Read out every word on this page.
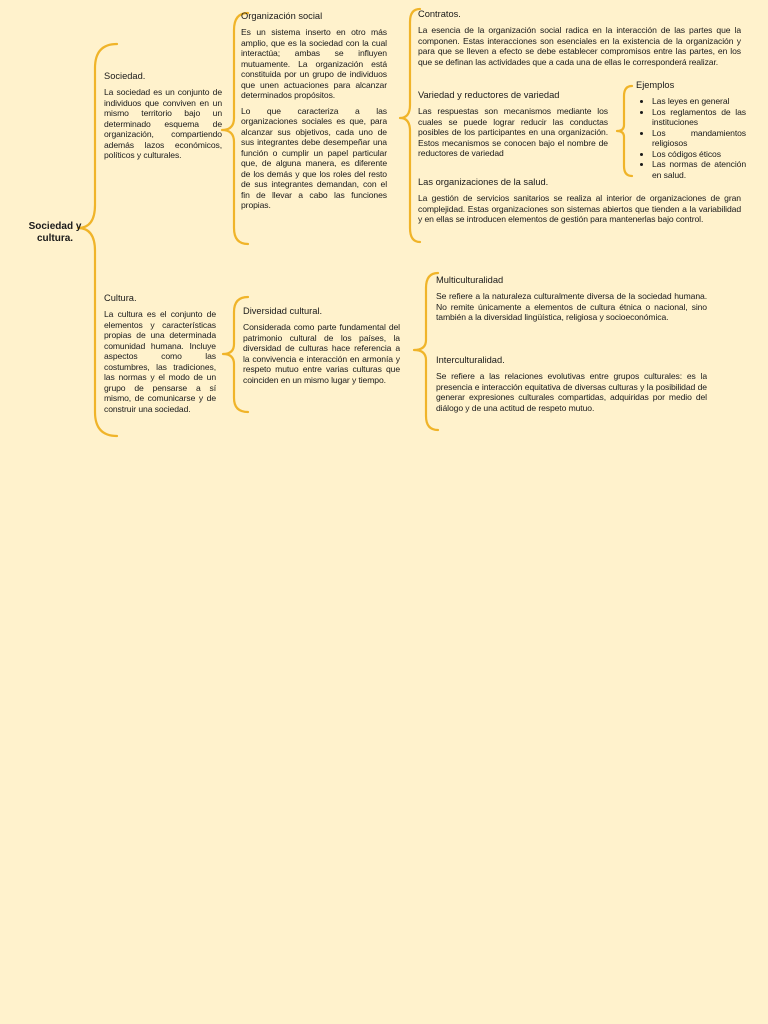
Sociedad y cultura.

Sociedad.

La sociedad es un conjunto de individuos que conviven en un mismo territorio bajo un determinado esquema de organización, compartiendo además lazos económicos, políticos y culturales.

Cultura.

La cultura es el conjunto de elementos y características propias de una determinada comunidad humana. Incluye aspectos como las costumbres, las tradiciones, las normas y el modo de un grupo de pensarse a sí mismo, de comunicarse y de construir una sociedad.

Organización social

Es un sistema inserto en otro más amplio, que es la sociedad con la cual interactúa; ambas se influyen mutuamente. La organización está constituida por un grupo de individuos que unen actuaciones para alcanzar determinados propósitos.

Lo que caracteriza a las organizaciones sociales es que, para alcanzar sus objetivos, cada uno de sus integrantes debe desempeñar una función o cumplir un papel particular que, de alguna manera, es diferente de los demás y que los roles del resto de sus integrantes demandan, con el fin de llevar a cabo las funciones propias.

Contratos.

La esencia de la organización social radica en la interacción de las partes que la componen. Estas interacciones son esenciales en la existencia de la organización y para que se lleven a efecto se debe establecer compromisos entre las partes, en los que se definan las actividades que a cada una de ellas le corresponderá realizar.

Variedad y reductores de variedad

Las respuestas son mecanismos mediante los cuales se puede lograr reducir las conductas posibles de los participantes en una organización. Estos mecanismos se conocen bajo el nombre de reductores de variedad

Ejemplos

• Las leyes en general
• Los reglamentos de las instituciones
• Los mandamientos religiosos
• Los códigos éticos
• Las normas de atención en salud.

Las organizaciones de la salud.

La gestión de servicios sanitarios se realiza al interior de organizaciones de gran complejidad. Estas organizaciones son sistemas abiertos que tienden a la variabilidad y en ellas se introducen elementos de gestión para mantenerlas bajo control.

Diversidad cultural.

Considerada como parte fundamental del patrimonio cultural de los países, la diversidad de culturas hace referencia a la convivencia e interacción en armonía y respeto mutuo entre varias culturas que coinciden en un mismo lugar y tiempo.

Multiculturalidad

Se refiere a la naturaleza culturalmente diversa de la sociedad humana. No remite únicamente a elementos de cultura étnica o nacional, sino también a la diversidad lingüística, religiosa y socioeconómica.

Interculturalidad.

Se refiere a las relaciones evolutivas entre grupos culturales: es la presencia e interacción equitativa de diversas culturas y la posibilidad de generar expresiones culturales compartidas, adquiridas por medio del diálogo y de una actitud de respeto mutuo.
